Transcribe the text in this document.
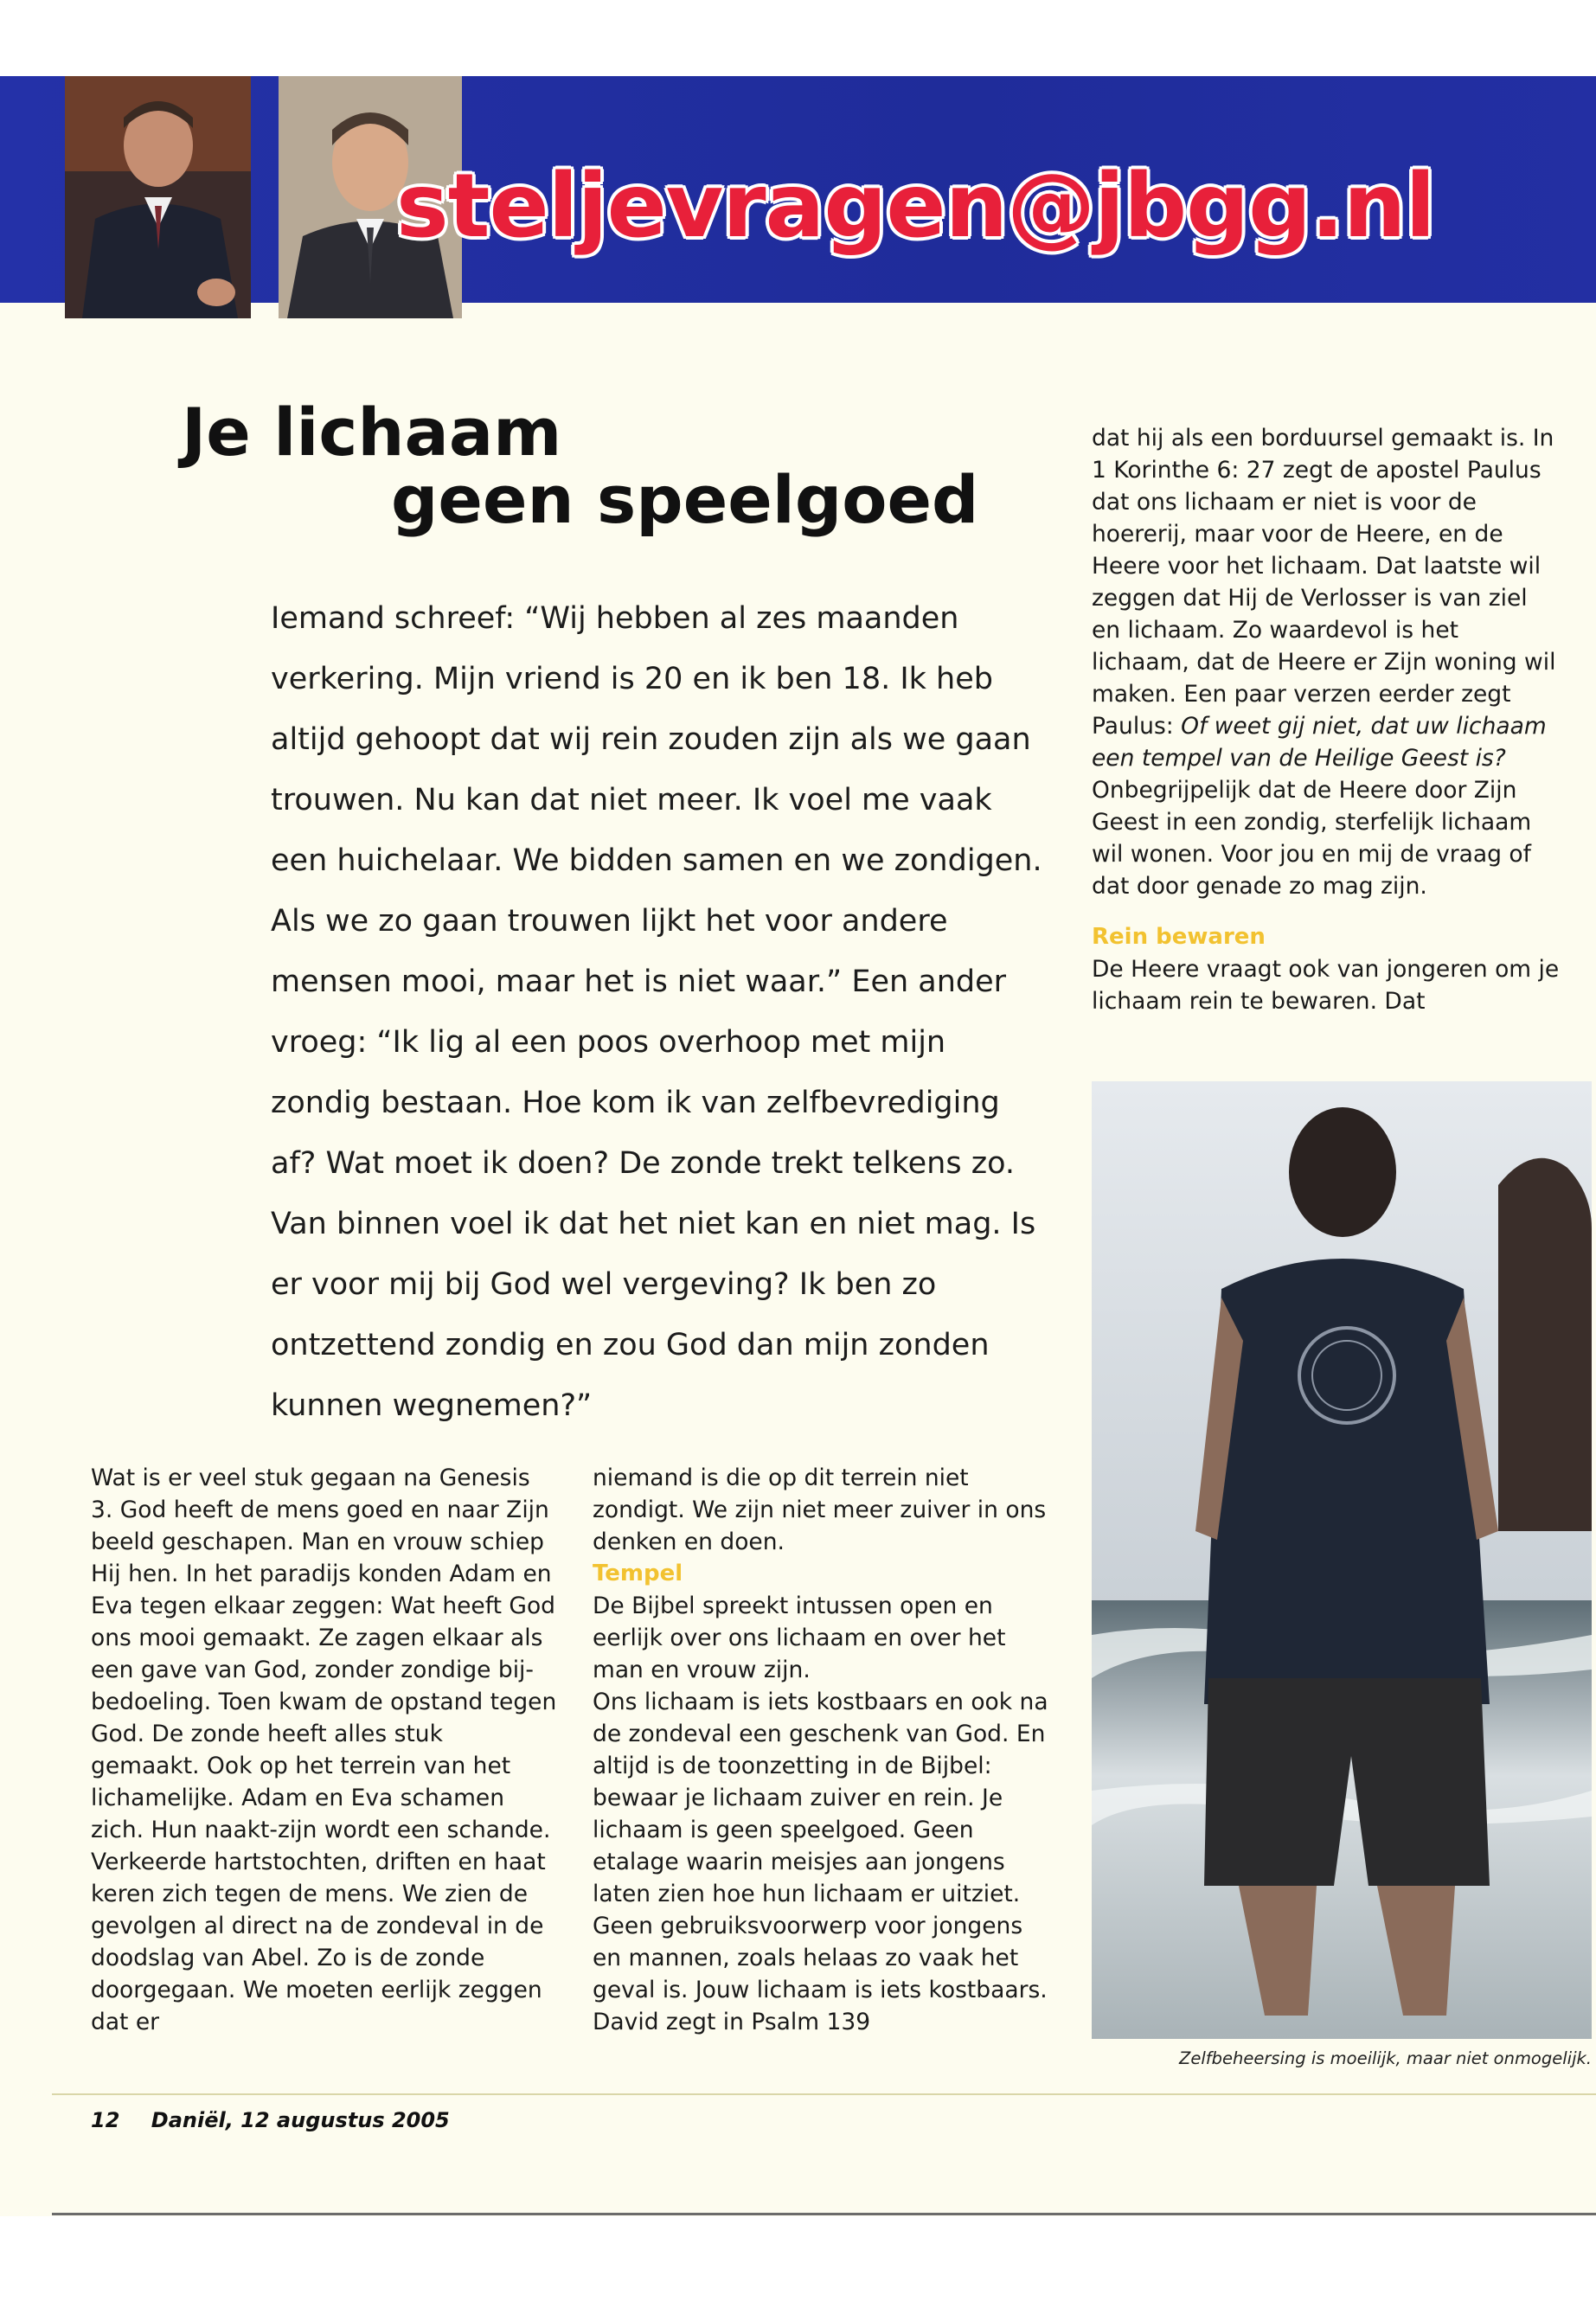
steljevragen@jbgg.nl
Je lichaam
geen speelgoed
Iemand schreef: “Wij hebben al zes maanden verkering. Mijn vriend is 20 en ik ben 18. Ik heb altijd gehoopt dat wij rein zouden zijn als we gaan trouwen. Nu kan dat niet meer. Ik voel me vaak een huichelaar. We bidden samen en we zondigen. Als we zo gaan trouwen lijkt het voor andere mensen mooi, maar het is niet waar.” Een ander vroeg: “Ik lig al een poos overhoop met mijn zondig bestaan. Hoe kom ik van zelfbevrediging af? Wat moet ik doen? De zonde trekt telkens zo. Van binnen voel ik dat het niet kan en niet mag. Is er voor mij bij God wel vergeving? Ik ben zo ontzettend zondig en zou God dan mijn zonden kunnen wegnemen?”

Wat is er veel stuk gegaan na Genesis 3. God heeft de mens goed en naar Zijn beeld geschapen. Man en vrouw schiep Hij hen. In het paradijs konden Adam en Eva tegen elkaar zeggen: Wat heeft God ons mooi gemaakt. Ze zagen elkaar als een gave van God, zonder zondige bijbedoeling. Toen kwam de opstand tegen God. De zonde heeft alles stuk gemaakt. Ook op het terrein van het lichamelijke. Adam en Eva schamen zich. Hun naakt-zijn wordt een schande. Verkeerde hartstochten, driften en haat keren zich tegen de mens. We zien de gevolgen al direct na de zondeval in de doodslag van Abel. Zo is de zonde doorgegaan. We moeten eerlijk zeggen dat er

niemand is die op dit terrein niet zondigt. We zijn niet meer zuiver in ons denken en doen.

Tempel

De Bijbel spreekt intussen open en eerlijk over ons lichaam en over het man en vrouw zijn.

Ons lichaam is iets kostbaars en ook na de zondeval een geschenk van God. En altijd is de toonzetting in de Bijbel: bewaar je lichaam zuiver en rein. Je lichaam is geen speelgoed. Geen etalage waarin meisjes aan jongens laten zien hoe hun lichaam er uitziet. Geen gebruiksvoorwerp voor jongens en mannen, zoals helaas zo vaak het geval is. Jouw lichaam is iets kostbaars. David zegt in Psalm 139

dat hij als een borduursel gemaakt is. In 1 Korinthe 6: 27 zegt de apostel Paulus dat ons lichaam er niet is voor de hoererij, maar voor de Heere, en de Heere voor het lichaam. Dat laatste wil zeggen dat Hij de Verlosser is van ziel en lichaam. Zo waardevol is het lichaam, dat de Heere er Zijn woning wil maken. Een paar verzen eerder zegt Paulus: Of weet gij niet, dat uw lichaam een tempel van de Heilige Geest is? Onbegrijpelijk dat de Heere door Zijn Geest in een zondig, sterfelijk lichaam wil wonen. Voor jou en mij de vraag of dat door genade zo mag zijn.

Rein bewaren

De Heere vraagt ook van jongeren om je lichaam rein te bewaren. Dat

Zelfbeheersing is moeilijk, maar niet onmogelijk.

12 Daniël, 12 augustus 2005
